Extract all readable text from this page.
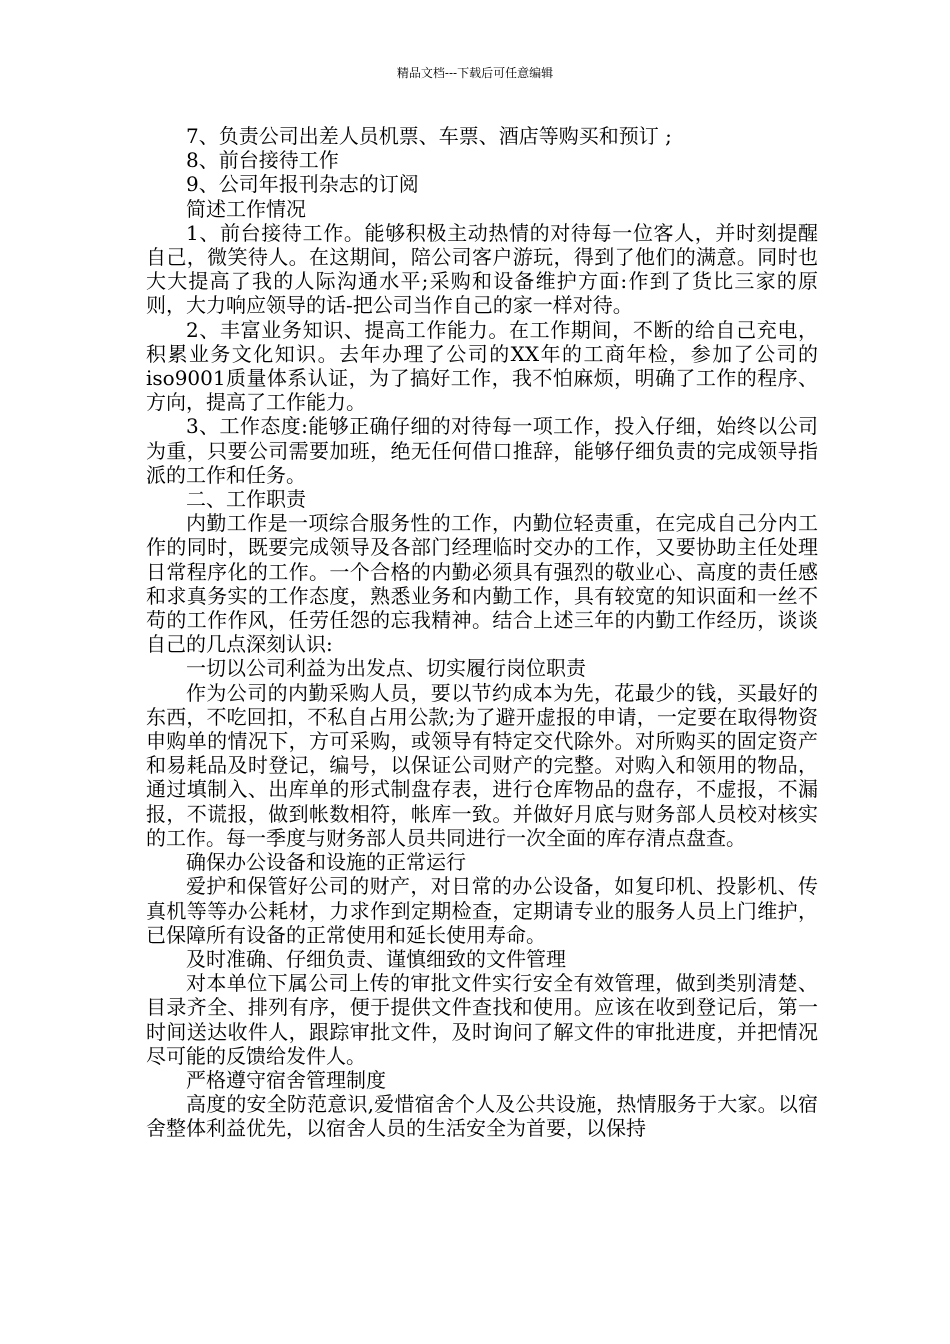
精品文档---下载后可任意编辑

7、负责公司出差人员机票、车票、酒店等购买和预订 ;

8、前台接待工作

9、公司年报刊杂志的订阅

简述工作情况

1、前台接待工作。能够积极主动热情的对待每一位客人，并时刻提醒自己，微笑待人。在这期间，陪公司客户游玩，得到了他们的满意。同时也大大提高了我的人际沟通水平;采购和设备维护方面:作到了货比三家的原则，大力响应领导的话-把公司当作自己的家一样对待。

2、丰富业务知识、提高工作能力。在工作期间，不断的给自己充电，积累业务文化知识。去年办理了公司的XX年的工商年检，参加了公司的iso9001质量体系认证，为了搞好工作，我不怕麻烦，明确了工作的程序、方向，提高了工作能力。

3、工作态度:能够正确仔细的对待每一项工作，投入仔细，始终以公司为重，只要公司需要加班，绝无任何借口推辞，能够仔细负责的完成领导指派的工作和任务。

二、工作职责

内勤工作是一项综合服务性的工作，内勤位轻责重，在完成自己分内工作的同时，既要完成领导及各部门经理临时交办的工作，又要协助主任处理日常程序化的工作。一个合格的内勤必须具有强烈的敬业心、高度的责任感和求真务实的工作态度，熟悉业务和内勤工作，具有较宽的知识面和一丝不苟的工作作风，任劳任怨的忘我精神。结合上述三年的内勤工作经历，谈谈自己的几点深刻认识:

一切以公司利益为出发点、切实履行岗位职责

作为公司的内勤采购人员，要以节约成本为先，花最少的钱，买最好的东西，不吃回扣，不私自占用公款;为了避开虚报的申请，一定要在取得物资申购单的情况下，方可采购，或领导有特定交代除外。对所购买的固定资产和易耗品及时登记，编号，以保证公司财产的完整。对购入和领用的物品，通过填制入、出库单的形式制盘存表，进行仓库物品的盘存，不虚报，不漏报，不谎报，做到帐数相符，帐库一致。并做好月底与财务部人员校对核实的工作。每一季度与财务部人员共同进行一次全面的库存清点盘查。

确保办公设备和设施的正常运行

爱护和保管好公司的财产，对日常的办公设备，如复印机、投影机、传真机等等办公耗材，力求作到定期检查，定期请专业的服务人员上门维护，已保障所有设备的正常使用和延长使用寿命。

及时准确、仔细负责、谨慎细致的文件管理

对本单位下属公司上传的审批文件实行安全有效管理，做到类别清楚、目录齐全、排列有序，便于提供文件查找和使用。应该在收到登记后，第一时间送达收件人，跟踪审批文件，及时询问了解文件的审批进度，并把情况尽可能的反馈给发件人。

严格遵守宿舍管理制度

高度的安全防范意识,爱惜宿舍个人及公共设施，热情服务于大家。以宿舍整体利益优先，以宿舍人员的生活安全为首要，以保持
